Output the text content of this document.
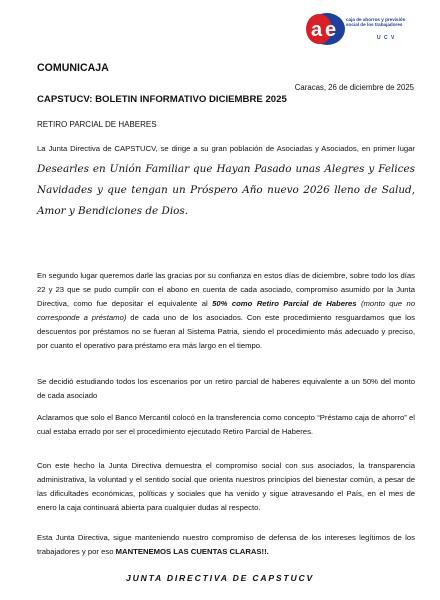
a e caja de ahorros y previsión
social de los trabajadores
U C V
COMUNICAJA
Caracas, 26 de diciembre de 2025
CAPSTUCV: BOLETIN INFORMATIVO DICIEMBRE 2025
RETIRO PARCIAL DE HABERES

La Junta Directiva de CAPSTUCV, se dirige a su gran población de Asociadas y Asociados, en primer lugar Desearles en Unión Familiar que Hayan Pasado unas Alegres y Felices Navidades y que tengan un Próspero Año nuevo 2026 lleno de Salud, Amor y Bendiciones de Dios.

En segundo lugar queremos darle las gracias por su confianza en estos días de diciembre, sobre todo los días 22 y 23 que se pudo cumplir con el abono en cuenta de cada asociado, compromiso asumido por la Junta Directiva, como fue depositar el equivalente al 50% como Retiro Parcial de Haberes (monto que no corresponde a préstamo) de cada uno de los asociados. Con este procedimiento resguardamos que los descuentos por préstamos no se fueran al Sistema Patria, siendo el procedimiento más adecuado y preciso, por cuanto el operativo para préstamo era más largo en el tiempo.

Se decidió estudiando todos los escenarios por un retiro parcial de haberes equivalente a un 50% del monto de cada asociado

Aclaramos que solo el Banco Mercantil colocó en la transferencia como concepto “Préstamo caja de ahorro” el cual estaba errado por ser el procedimiento ejecutado Retiro Parcial de Haberes.

Con este hecho la Junta Directiva demuestra el compromiso social con sus asociados, la transparencia administrativa, la voluntad y el sentido social que orienta nuestros principios del bienestar común, a pesar de las dificultades económicas, políticas y sociales que ha venido y sigue atravesando el País, en el mes de enero la caja continuará abierta para cualquier dudas al respecto.

Esta Junta Directiva, sigue manteniendo nuestro compromiso de defensa de los intereses legítimos de los trabajadores y por eso MANTENEMOS LAS CUENTAS CLARAS!!.

JUNTA DIRECTIVA DE CAPSTUCV
